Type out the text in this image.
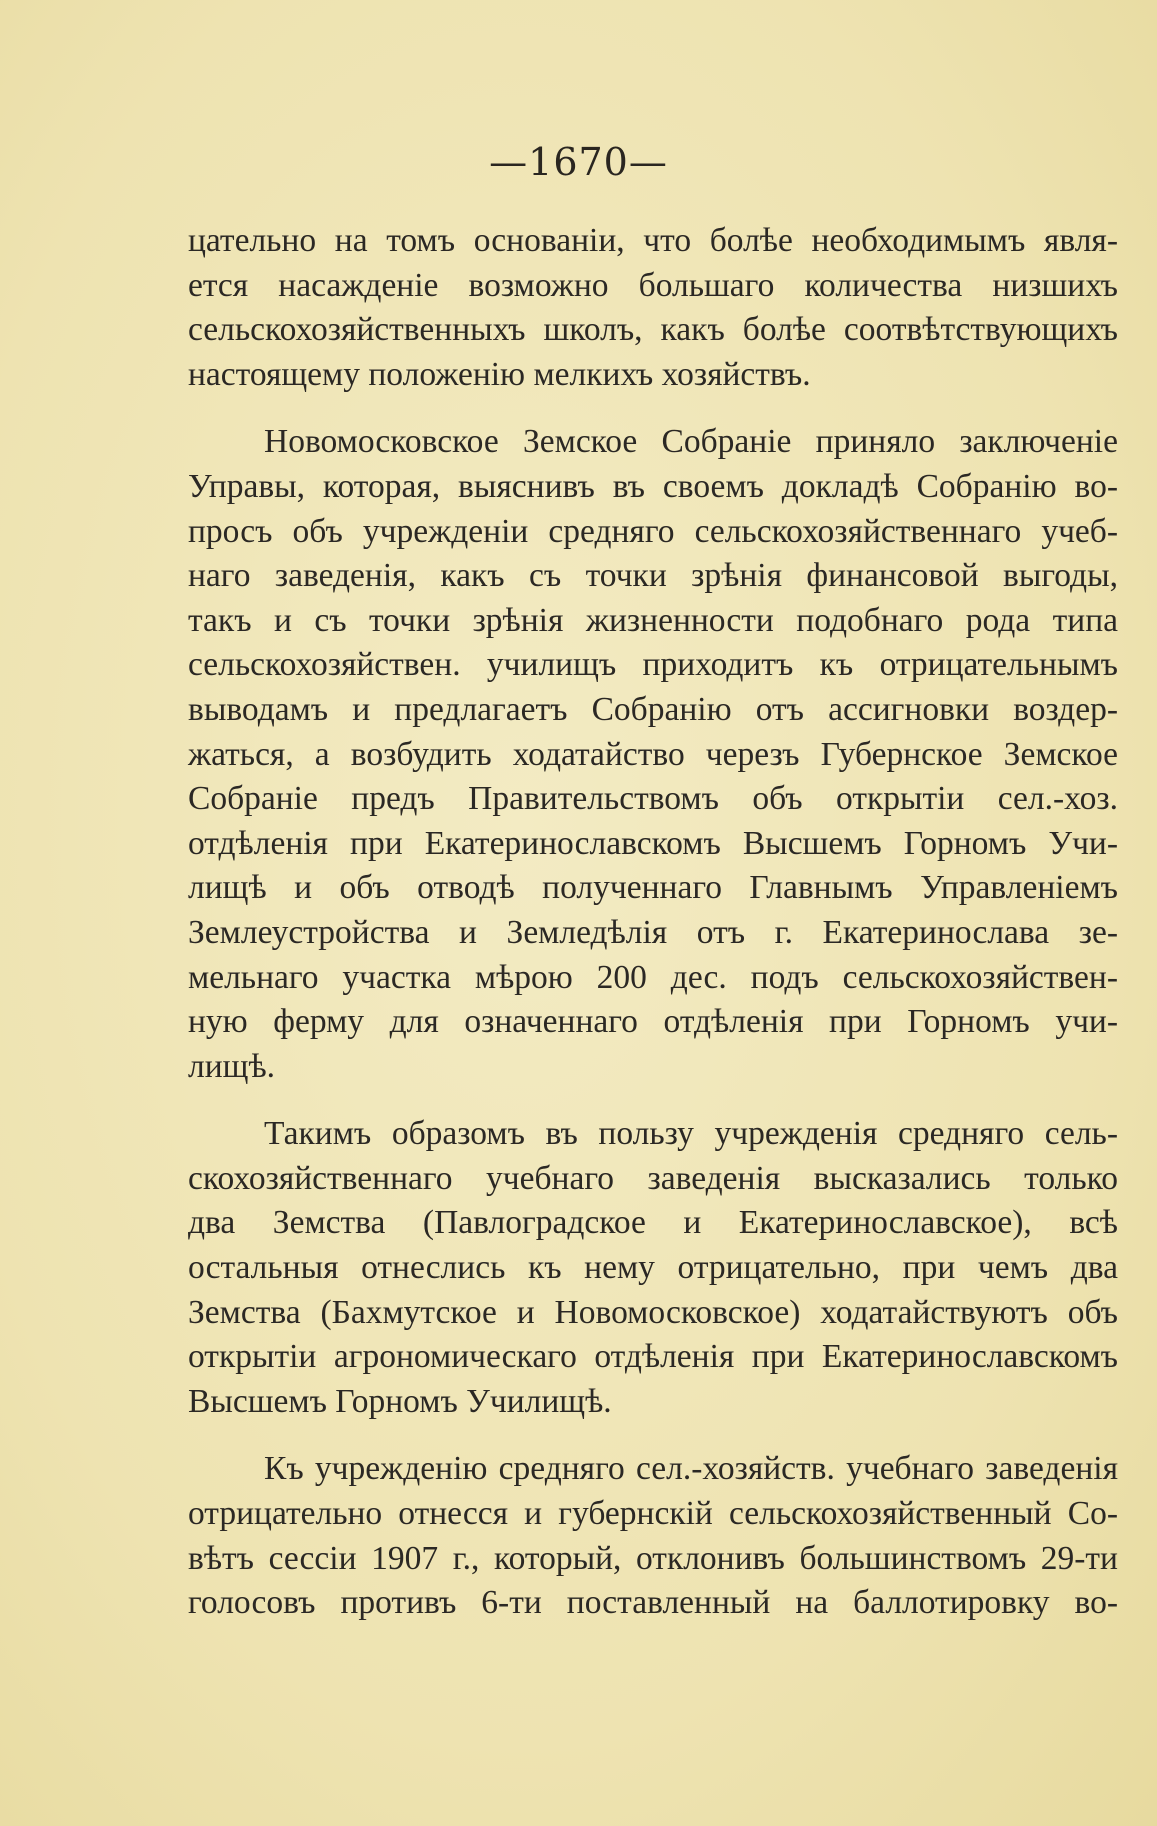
—1670—
цательно на томъ основаніи, что болѣе необходимымъ явля-
ется насажденіе возможно большаго количества низшихъ
сельскохозяйственныхъ школъ, какъ болѣе соотвѣтствующихъ
настоящему положенію мелкихъ хозяйствъ.
Новомосковское Земское Собраніе приняло заключеніе
Управы, которая, выяснивъ въ своемъ докладѣ Собранію во-
просъ объ учрежденіи средняго сельскохозяйственнаго учеб-
наго заведенія, какъ съ точки зрѣнія финансовой выгоды,
такъ и съ точки зрѣнія жизненности подобнаго рода типа
сельскохозяйствен. училищъ приходитъ къ отрицательнымъ
выводамъ и предлагаетъ Собранію отъ ассигновки воздер-
жаться, а возбудить ходатайство черезъ Губернское Земское
Собраніе предъ Правительствомъ объ открытіи сел.-хоз.
отдѣленія при Екатеринославскомъ Высшемъ Горномъ Учи-
лищѣ и объ отводѣ полученнаго Главнымъ Управленіемъ
Землеустройства и Земледѣлія отъ г. Екатеринослава зе-
мельнаго участка мѣрою 200 дес. подъ сельскохозяйствен-
ную ферму для означеннаго отдѣленія при Горномъ учи-
лищѣ.
Такимъ образомъ въ пользу учрежденія средняго сель-
скохозяйственнаго учебнаго заведенія высказались только
два Земства (Павлоградское и Екатеринославское), всѣ
остальныя отнеслись къ нему отрицательно, при чемъ два
Земства (Бахмутское и Новомосковское) ходатайствуютъ объ
открытіи агрономическаго отдѣленія при Екатеринославскомъ
Высшемъ Горномъ Училищѣ.
Къ учрежденію средняго сел.-хозяйств. учебнаго заведенія
отрицательно отнесся и губернскій сельскохозяйственный Со-
вѣтъ сессіи 1907 г., который, отклонивъ большинствомъ 29-ти
голосовъ противъ 6-ти поставленный на баллотировку во-
